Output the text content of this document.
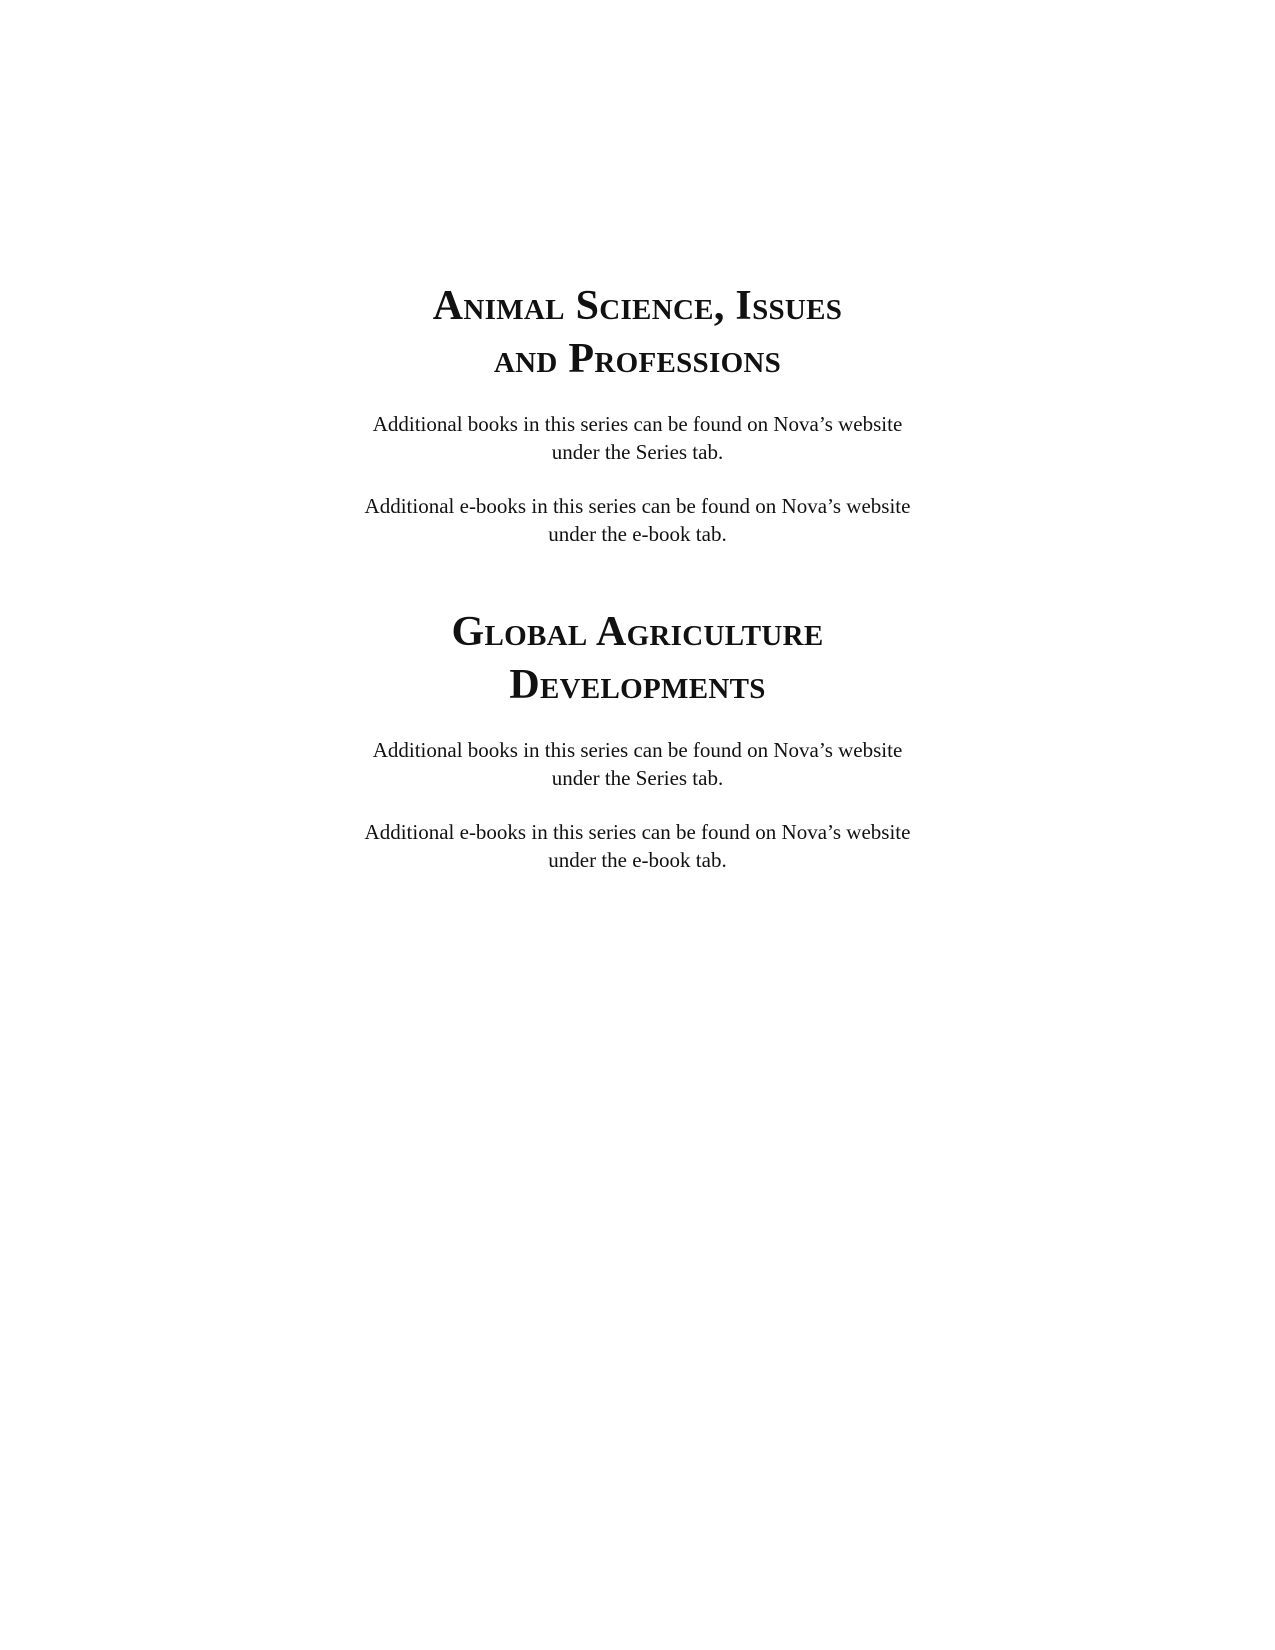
Animal Science, Issues
and Professions
Additional books in this series can be found on Nova’s website
under the Series tab.
Additional e-books in this series can be found on Nova’s website
under the e-book tab.
Global Agriculture
Developments
Additional books in this series can be found on Nova’s website
under the Series tab.
Additional e-books in this series can be found on Nova’s website
under the e-book tab.
